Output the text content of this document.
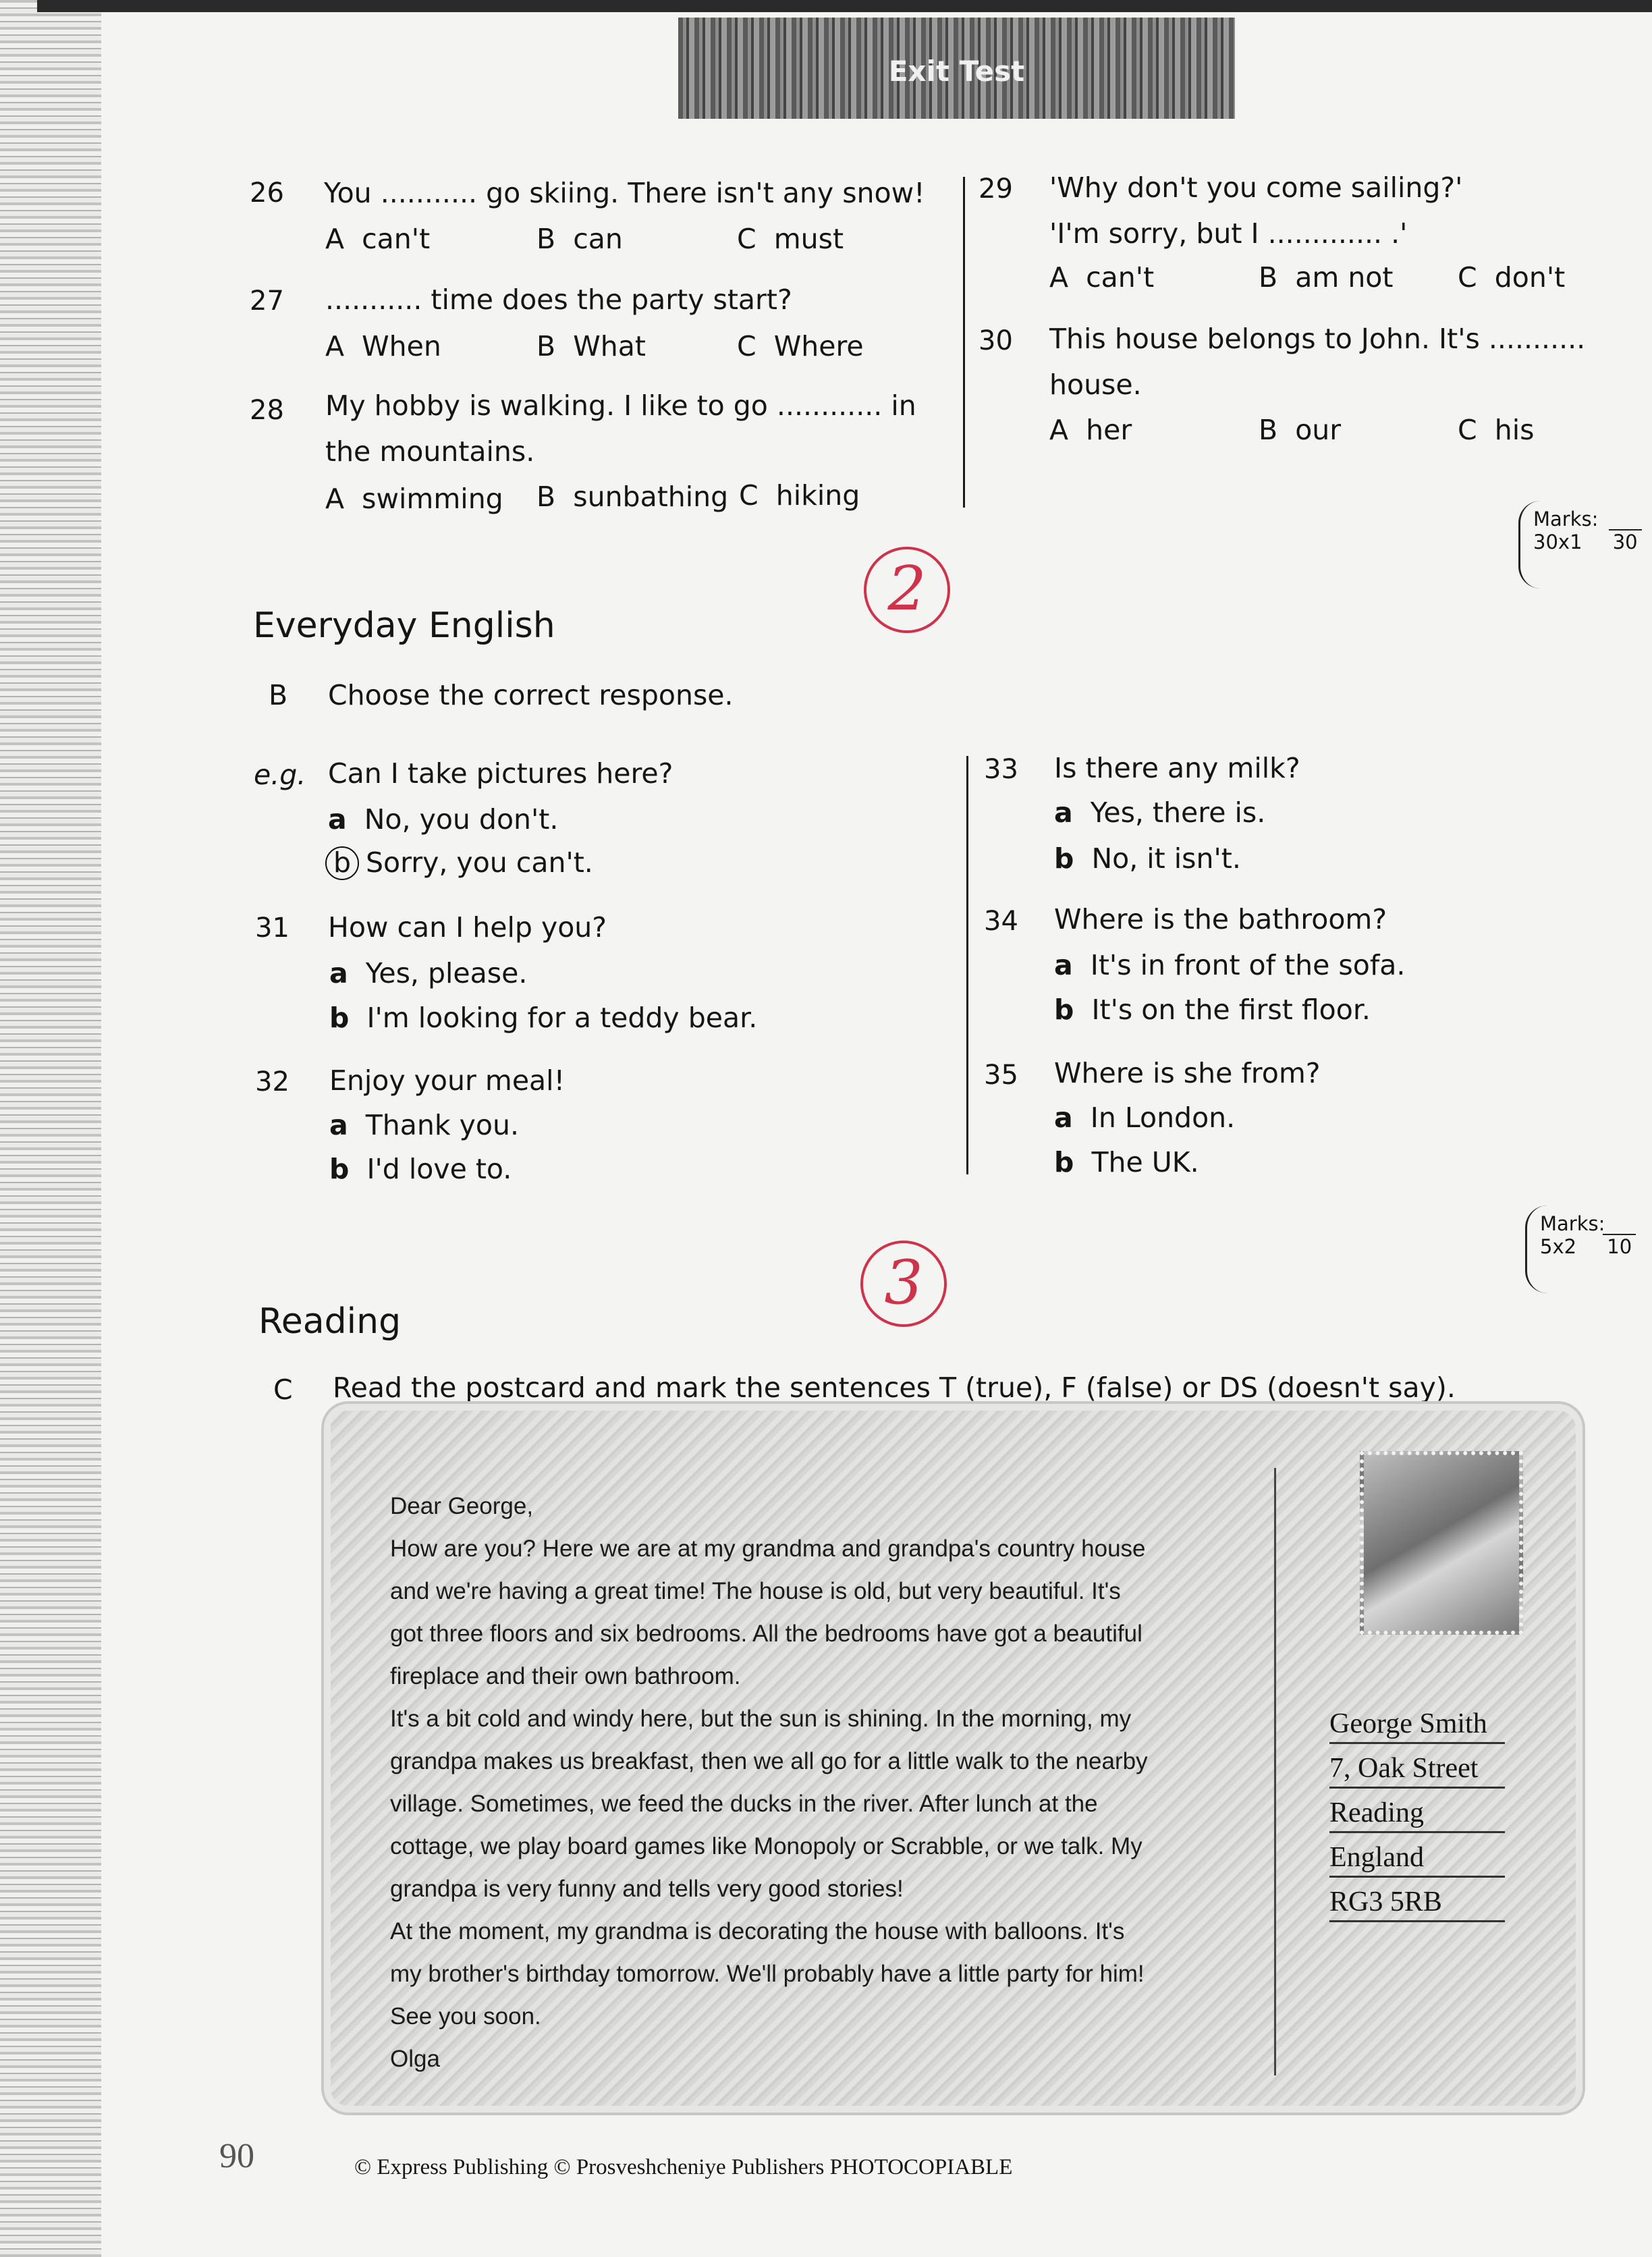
Exit Test
26 You ........... go skiing. There isn't any snow!
A can't	B can	C must
27 ........... time does the party start?
A When	B What	C Where
28 My hobby is walking. I like to go ............ in
the mountains.
A swimming B sunbathing C hiking
29 'Why don't you come sailing?'
'I'm sorry, but I ............. .'
A can't	B am not C don't
30 This house belongs to John. It's ...........
house.
A her	B our	C his
Marks:
30x1 30
2
Everyday English
B Choose the correct response.
e.g. Can I take pictures here?
a No, you don't.
b Sorry, you can't.
31 How can I help you?
a Yes, please.
b I'm looking for a teddy bear.
32 Enjoy your meal!
a Thank you.
b I'd love to.
33 Is there any milk?
a Yes, there is.
b No, it isn't.
34 Where is the bathroom?
a It's in front of the sofa.
b It's on the first floor.
35 Where is she from?
a In London.
b The UK.
Marks:
5x2 10
3
Reading
C Read the postcard and mark the sentences T (true), F (false) or DS (doesn't say).

Dear George,

How are you? Here we are at my grandma and grandpa's country house

and we're having a great time! The house is old, but very beautiful. It's

got three floors and six bedrooms. All the bedrooms have got a beautiful

fireplace and their own bathroom.

It's a bit cold and windy here, but the sun is shining. In the morning, my

grandpa makes us breakfast, then we all go for a little walk to the nearby

village. Sometimes, we feed the ducks in the river. After lunch at the

cottage, we play board games like Monopoly or Scrabble, or we talk. My

grandpa is very funny and tells very good stories!

At the moment, my grandma is decorating the house with balloons. It's

my brother's birthday tomorrow. We'll probably have a little party for him!

See you soon.

Olga

George Smith
7, Oak Street
Reading
England
RG3 5RB
90	© Express Publishing © Prosveshcheniye Publishers PHOTOCOPIABLE
